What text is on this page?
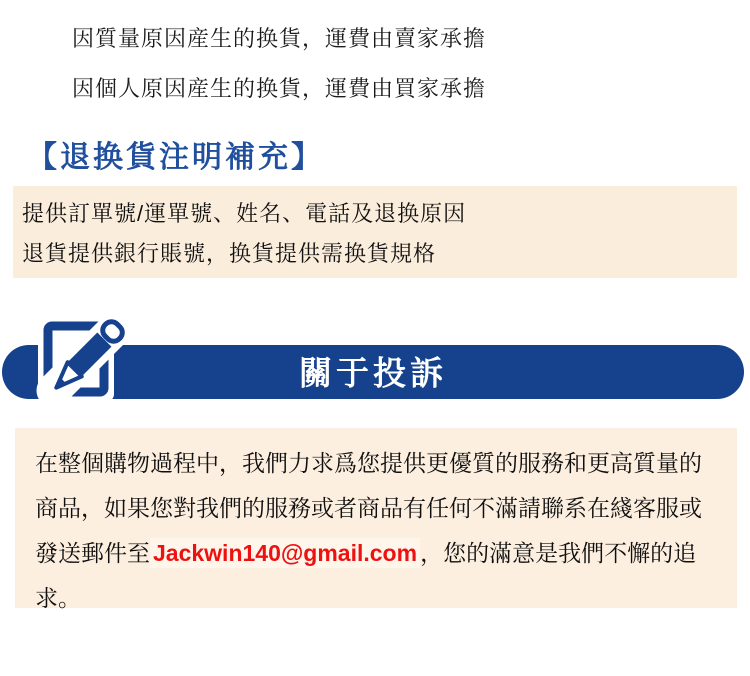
因質量原因産生的换貨，運費由賣家承擔
因個人原因産生的换貨，運費由買家承擔
【退换貨注明補充】
提供訂單號/運單號、姓名、電話及退换原因
退貨提供銀行賬號，换貨提供需换貨規格
關于投訴

在整個購物過程中，我們力求爲您提供更優質的服務和更高質量的商品，如果您對我們的服務或者商品有任何不滿請聯系在綫客服或發送郵件至 Jackwin140@gmail.com ，您的滿意是我們不懈的追求。
